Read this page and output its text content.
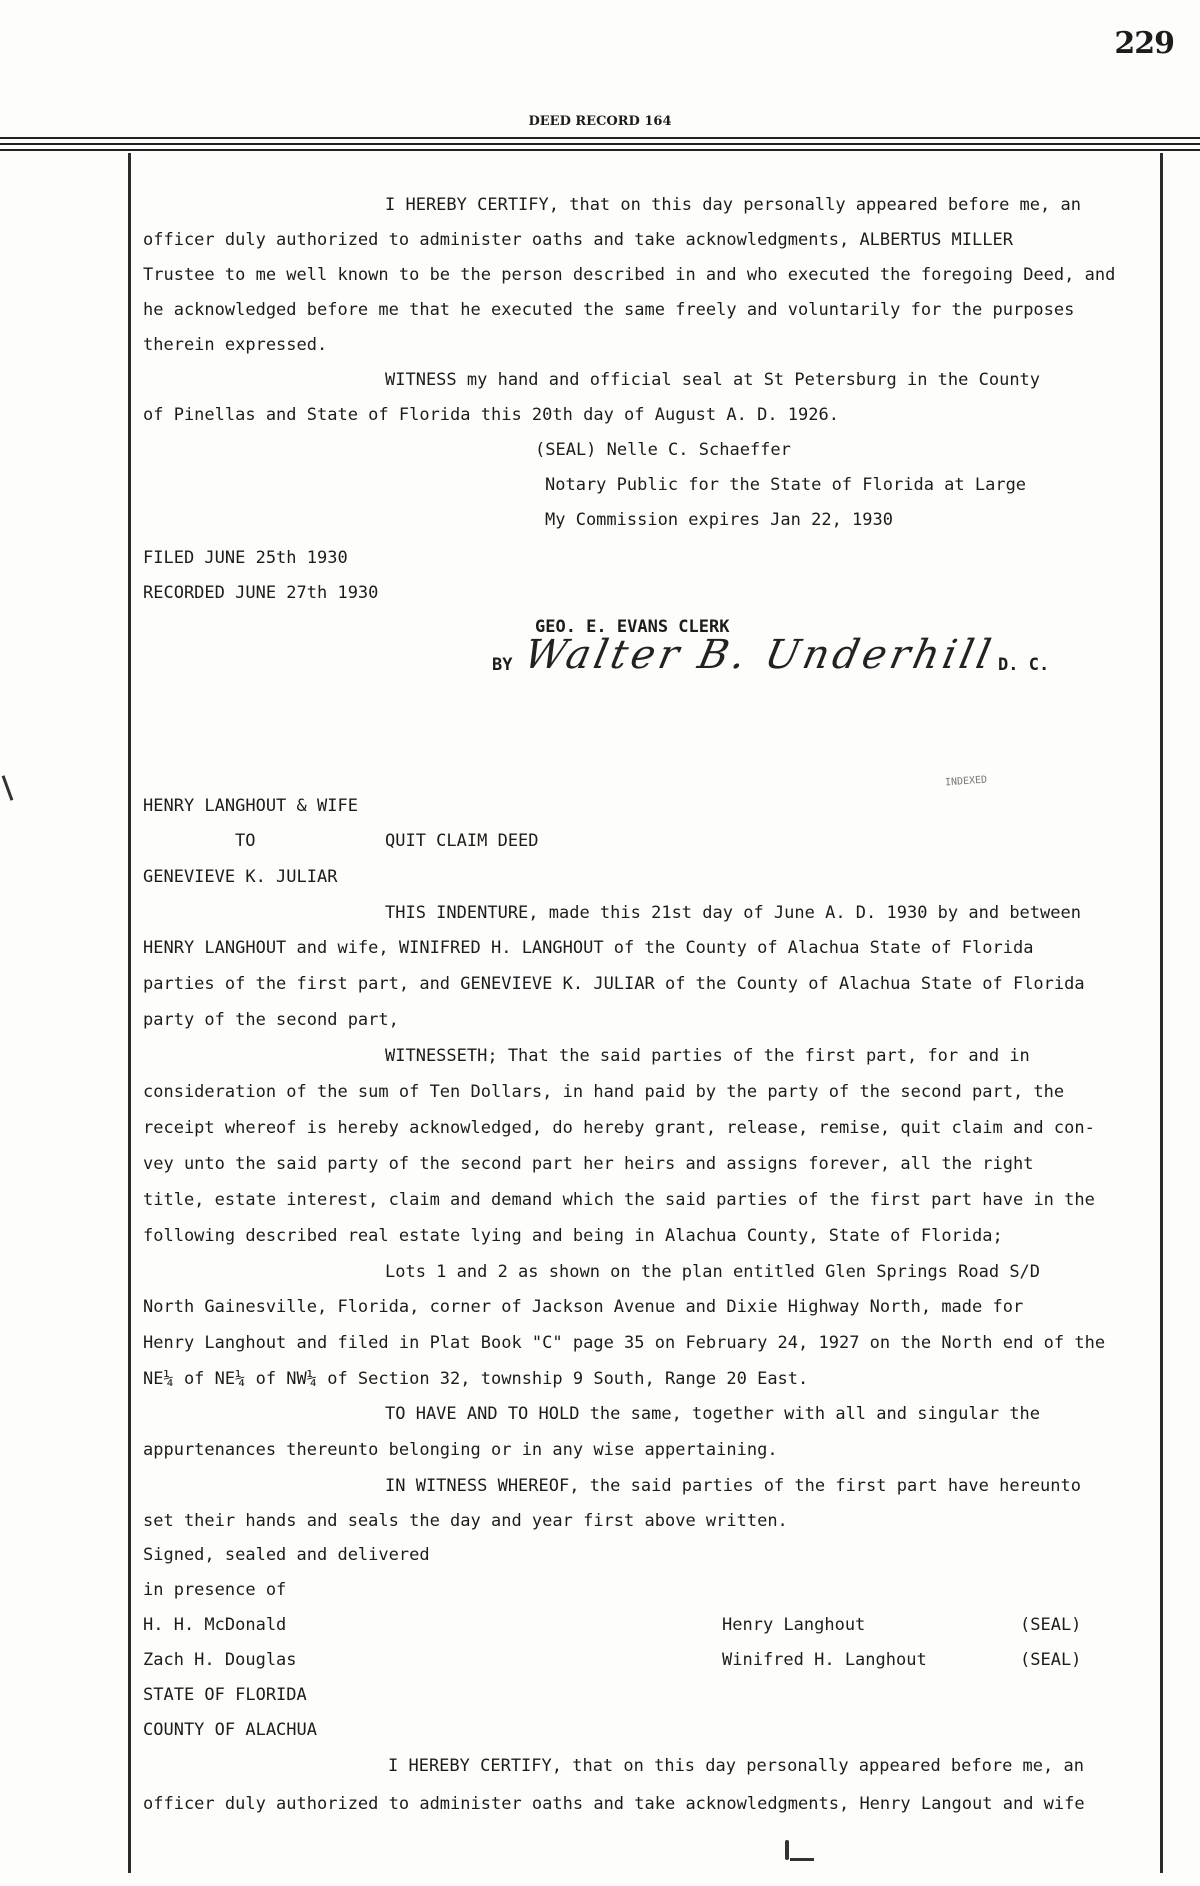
229
DEED RECORD 164
I HEREBY CERTIFY, that on this day personally appeared before me, an
officer duly authorized to administer oaths and take acknowledgments, ALBERTUS MILLER
Trustee to me well known to be the person described in and who executed the foregoing Deed, and
he acknowledged before me that he executed the same freely and voluntarily for the purposes
therein expressed.
WITNESS my hand and official seal at St Petersburg in the County
of Pinellas and State of Florida this 20th day of August A. D. 1926.
(SEAL) Nelle C. Schaeffer
Notary Public for the State of Florida at Large
My Commission expires Jan 22, 1930
FILED JUNE 25th 1930
RECORDED JUNE 27th 1930
GEO. E. EVANS CLERK
BY Walter B. Underhill D. C.
INDEXED
HENRY LANGHOUT & WIFE
TO	QUIT CLAIM DEED
GENEVIEVE K. JULIAR
THIS INDENTURE, made this 21st day of June A. D. 1930 by and between
HENRY LANGHOUT and wife, WINIFRED H. LANGHOUT of the County of Alachua State of Florida
parties of the first part, and GENEVIEVE K. JULIAR of the County of Alachua State of Florida
party of the second part,
WITNESSETH; That the said parties of the first part, for and in
consideration of the sum of Ten Dollars, in hand paid by the party of the second part, the
receipt whereof is hereby acknowledged, do hereby grant, release, remise, quit claim and con-
vey unto the said party of the second part her heirs and assigns forever, all the right
title, estate interest, claim and demand which the said parties of the first part have in the
following described real estate lying and being in Alachua County, State of Florida;
Lots 1 and 2 as shown on the plan entitled Glen Springs Road S/D
North Gainesville, Florida, corner of Jackson Avenue and Dixie Highway North, made for
Henry Langhout and filed in Plat Book "C" page 35 on February 24, 1927 on the North end of the
NE¼ of NE¼ of NW¼ of Section 32, township 9 South, Range 20 East.
TO HAVE AND TO HOLD the same, together with all and singular the
appurtenances thereunto belonging or in any wise appertaining.
IN WITNESS WHEREOF, the said parties of the first part have hereunto
set their hands and seals the day and year first above written.
Signed, sealed and delivered
in presence of
H. H. McDonald	Henry Langhout	(SEAL)
Zach H. Douglas	Winifred H. Langhout	(SEAL)
STATE OF FLORIDA
COUNTY OF ALACHUA
I HEREBY CERTIFY, that on this day personally appeared before me, an
officer duly authorized to administer oaths and take acknowledgments, Henry Langout and wife
